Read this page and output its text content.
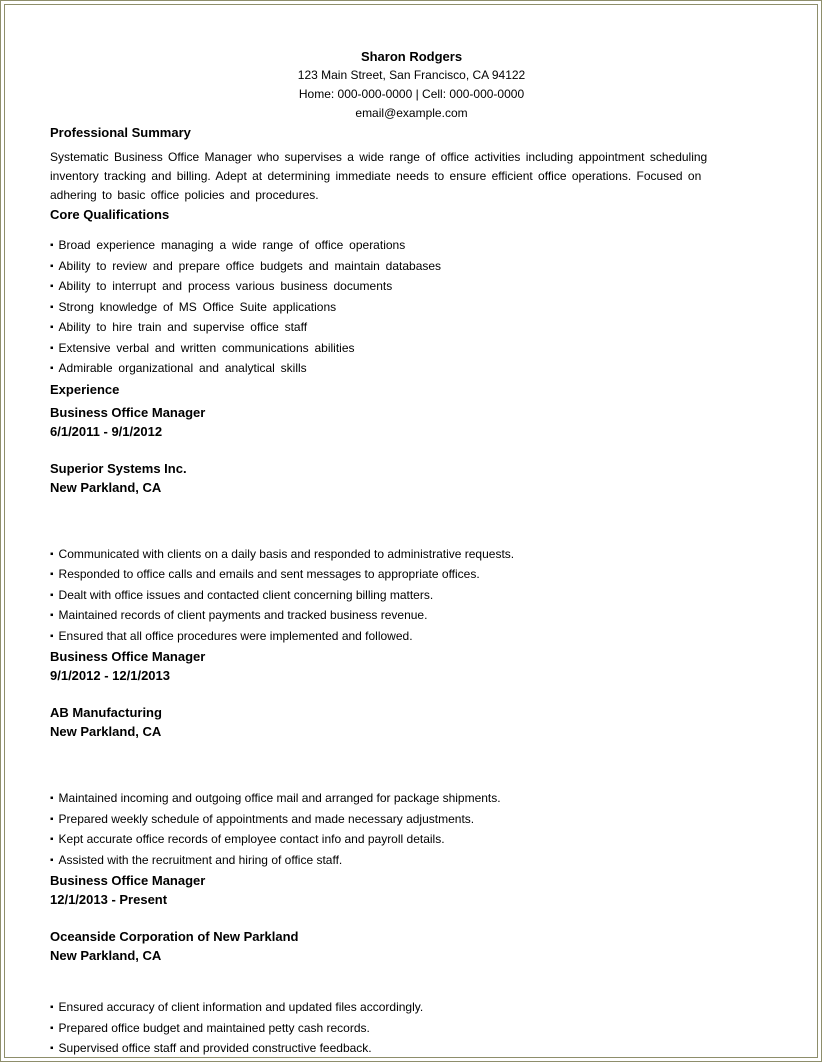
Sharon Rodgers
123 Main Street, San Francisco, CA 94122
Home: 000-000-0000 | Cell: 000-000-0000
email@example.com
Professional Summary

Systematic Business Office Manager who supervises a wide range of office activities including appointment scheduling inventory tracking and billing. Adept at determining immediate needs to ensure efficient office operations. Focused on adhering to basic office policies and procedures.

Core Qualifications
▪ Broad experience managing a wide range of office operations
▪ Ability to review and prepare office budgets and maintain databases
▪ Ability to interrupt and process various business documents
▪ Strong knowledge of MS Office Suite applications
▪ Ability to hire train and supervise office staff
▪ Extensive verbal and written communications abilities
▪ Admirable organizational and analytical skills
Experience
Business Office Manager
6/1/2011 - 9/1/2012
Superior Systems Inc.
New Parkland, CA
▪ Communicated with clients on a daily basis and responded to administrative requests.
▪ Responded to office calls and emails and sent messages to appropriate offices.
▪ Dealt with office issues and contacted client concerning billing matters.
▪ Maintained records of client payments and tracked business revenue.
▪ Ensured that all office procedures were implemented and followed.
Business Office Manager
9/1/2012 - 12/1/2013
AB Manufacturing
New Parkland, CA
▪ Maintained incoming and outgoing office mail and arranged for package shipments.
▪ Prepared weekly schedule of appointments and made necessary adjustments.
▪ Kept accurate office records of employee contact info and payroll details.
▪ Assisted with the recruitment and hiring of office staff.
Business Office Manager
12/1/2013 - Present
Oceanside Corporation of New Parkland
New Parkland, CA
▪ Ensured accuracy of client information and updated files accordingly.
▪ Prepared office budget and maintained petty cash records.
▪ Supervised office staff and provided constructive feedback.
